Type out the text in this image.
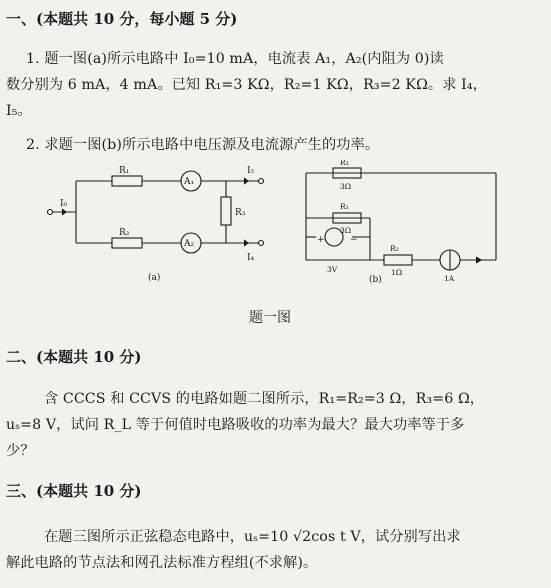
一、(本题共 10 分，每小题 5 分)
1. 题一图(a)所示电路中 I₀=10 mA，电流表 A₁，A₂(内阻为 0)读
数分别为 6 mA，4 mA。已知 R₁=3 KΩ，R₂=1 KΩ，R₃=2 KΩ。求 I₄，
I₅。
2. 求题一图(b)所示电路中电压源及电流源产生的功率。
I₀
R₁
R₂
R₃
A₁
A₂
I₅
I₄
(a)
R₃
3Ω
R₁
3Ω
+	−
3V
R₂
1Ω
1A
(b)
题一图
二、(本题共 10 分)
含 CCCS 和 CCVS 的电路如题二图所示，R₁=R₂=3 Ω，R₃=6 Ω，
uₛ=8 V，试问 R_L 等于何值时电路吸收的功率为最大？最大功率等于多
少？
三、(本题共 10 分)
在题三图所示正弦稳态电路中，uₛ=10 √2cos t V，试分别写出求
解此电路的节点法和网孔法标准方程组(不求解)。
